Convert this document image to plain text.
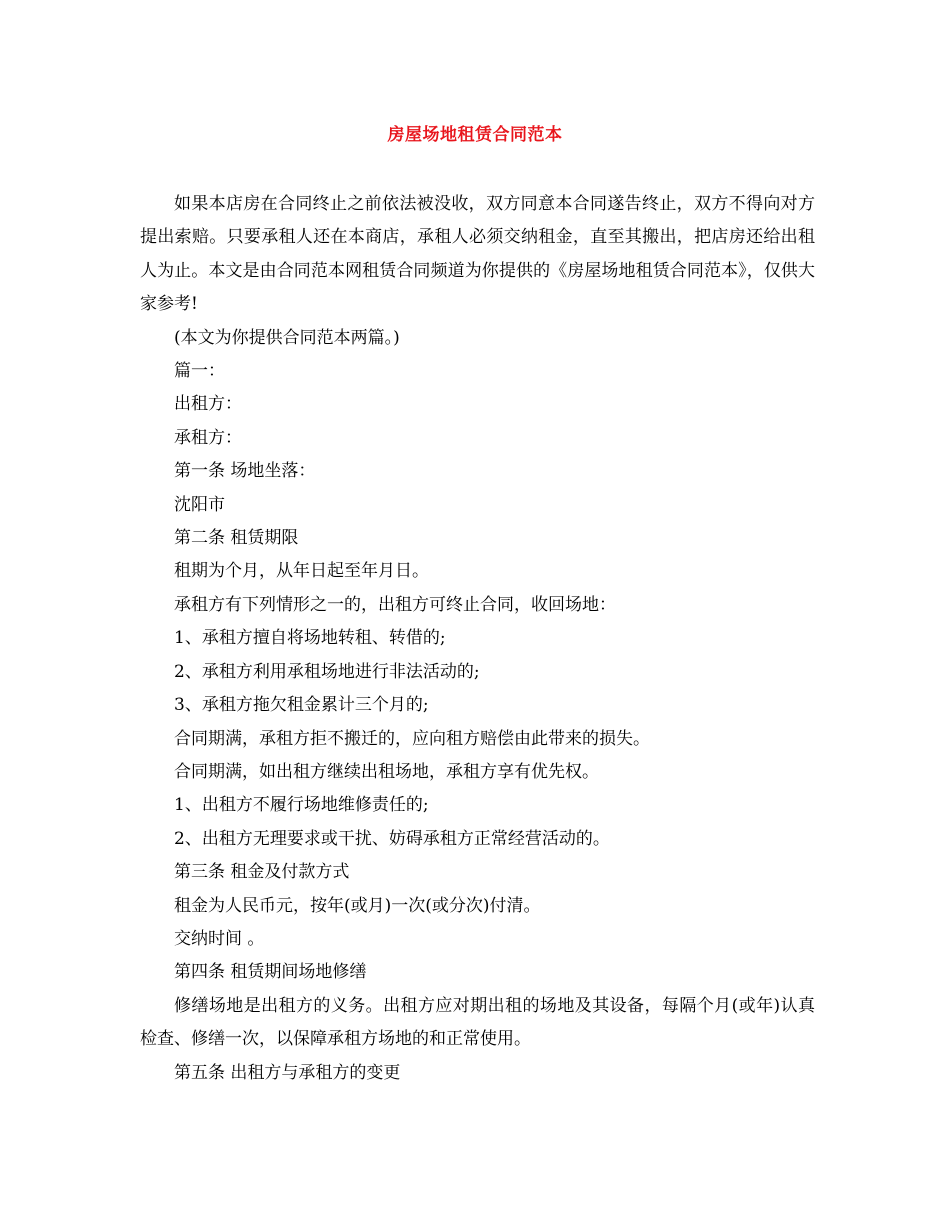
房屋场地租赁合同范本

如果本店房在合同终止之前依法被没收，双方同意本合同遂告终止，双方不得向对方提出索赔。只要承租人还在本商店，承租人必须交纳租金，直至其搬出，把店房还给出租人为止。本文是由合同范本网租赁合同频道为你提供的《房屋场地租赁合同范本》，仅供大家参考!

(本文为你提供合同范本两篇。)

篇一：

出租方：

承租方：

第一条 场地坐落：

沈阳市

第二条 租赁期限

租期为个月，从年日起至年月日。

承租方有下列情形之一的，出租方可终止合同，收回场地：

1、承租方擅自将场地转租、转借的;

2、承租方利用承租场地进行非法活动的;

3、承租方拖欠租金累计三个月的;

合同期满，承租方拒不搬迁的，应向租方赔偿由此带来的损失。

合同期满，如出租方继续出租场地，承租方享有优先权。

1、出租方不履行场地维修责任的;

2、出租方无理要求或干扰、妨碍承租方正常经营活动的。

第三条 租金及付款方式

租金为人民币元，按年(或月)一次(或分次)付清。

交纳时间 。

第四条 租赁期间场地修缮

修缮场地是出租方的义务。出租方应对期出租的场地及其设备，每隔个月(或年)认真检查、修缮一次，以保障承租方场地的和正常使用。

第五条 出租方与承租方的变更
